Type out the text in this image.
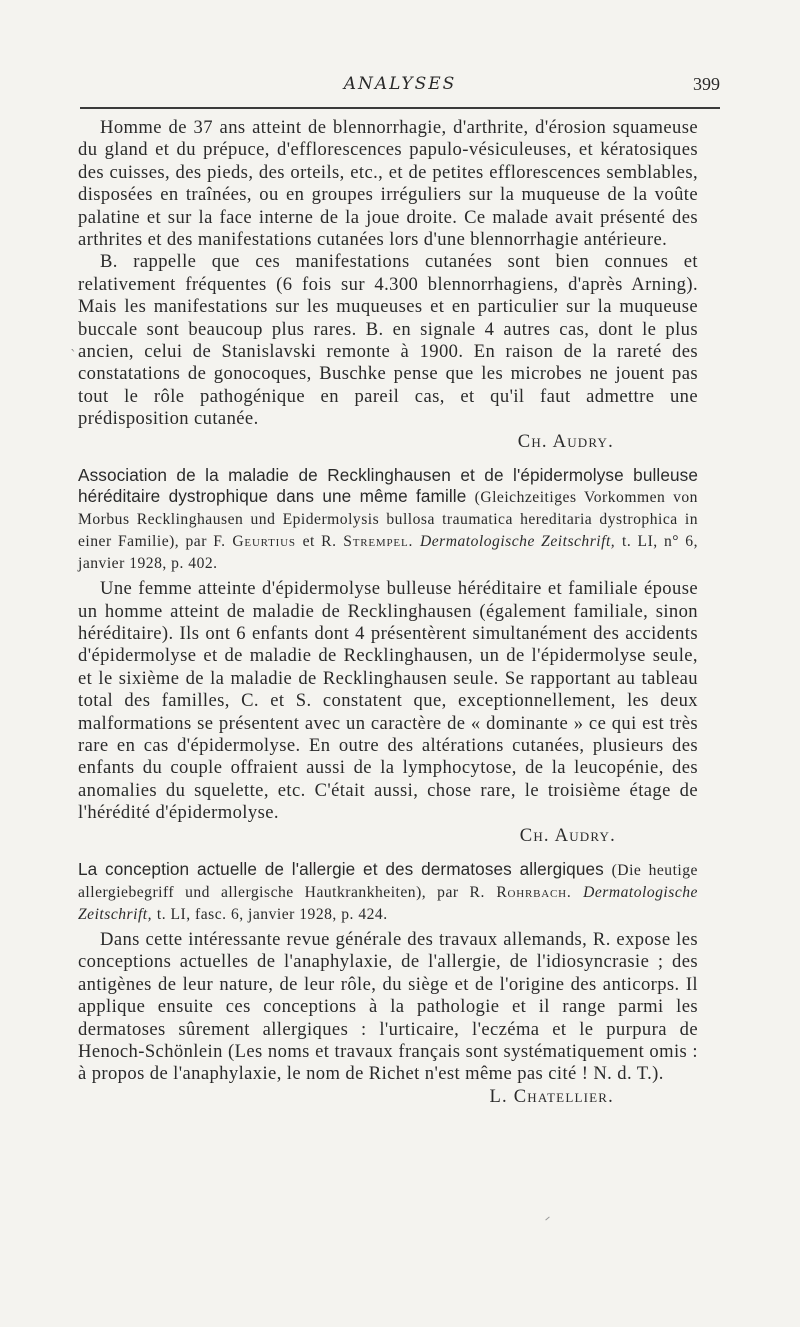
ANALYSES	399
`

Homme de 37 ans atteint de blennorrhagie, d'arthrite, d'érosion squameuse du gland et du prépuce, d'efflorescences papulo-vésiculeuses, et kératosiques des cuisses, des pieds, des orteils, etc., et de petites efflorescences semblables, disposées en traînées, ou en groupes irréguliers sur la muqueuse de la voûte palatine et sur la face interne de la joue droite. Ce malade avait présenté des arthrites et des manifestations cutanées lors d'une blennorrhagie antérieure.

B. rappelle que ces manifestations cutanées sont bien connues et relativement fréquentes (6 fois sur 4.300 blennorrhagiens, d'après Arning). Mais les manifestations sur les muqueuses et en particulier sur la muqueuse buccale sont beaucoup plus rares. B. en signale 4 autres cas, dont le plus ancien, celui de Stanislavski remonte à 1900. En raison de la rareté des constatations de gonocoques, Buschke pense que les microbes ne jouent pas tout le rôle pathogénique en pareil cas, et qu'il faut admettre une prédisposition cutanée.

Ch. Audry.

Association de la maladie de Recklinghausen et de l'épidermolyse bulleuse héréditaire dystrophique dans une même famille (Gleichzeitiges Vorkommen von Morbus Recklinghausen und Epidermolysis bullosa traumatica hereditaria dystrophica in einer Familie), par F. Geurtius et R. Strempel. Dermatologische Zeitschrift, t. LI, n° 6, janvier 1928, p. 402.

Une femme atteinte d'épidermolyse bulleuse héréditaire et familiale épouse un homme atteint de maladie de Recklinghausen (également familiale, sinon héréditaire). Ils ont 6 enfants dont 4 présentèrent simultanément des accidents d'épidermolyse et de maladie de Recklinghausen, un de l'épidermolyse seule, et le sixième de la maladie de Recklinghausen seule. Se rapportant au tableau total des familles, C. et S. constatent que, exceptionnellement, les deux malformations se présentent avec un caractère de « dominante » ce qui est très rare en cas d'épidermolyse. En outre des altérations cutanées, plusieurs des enfants du couple offraient aussi de la lymphocytose, de la leucopénie, des anomalies du squelette, etc. C'était aussi, chose rare, le troisième étage de l'hérédité d'épidermolyse.

Ch. Audry.

La conception actuelle de l'allergie et des dermatoses allergiques (Die heutige allergiebegriff und allergische Hautkrankheiten), par R. Rohrbach. Dermatologische Zeitschrift, t. LI, fasc. 6, janvier 1928, p. 424.

Dans cette intéressante revue générale des travaux allemands, R. expose les conceptions actuelles de l'anaphylaxie, de l'allergie, de l'idiosyncrasie ; des antigènes de leur nature, de leur rôle, du siège et de l'origine des anticorps. Il applique ensuite ces conceptions à la pathologie et il range parmi les dermatoses sûrement allergiques : l'urticaire, l'eczéma et le purpura de Henoch-Schönlein (Les noms et travaux français sont systématiquement omis : à propos de l'anaphylaxie, le nom de Richet n'est même pas cité ! N. d. T.).

L. Chatellier.
